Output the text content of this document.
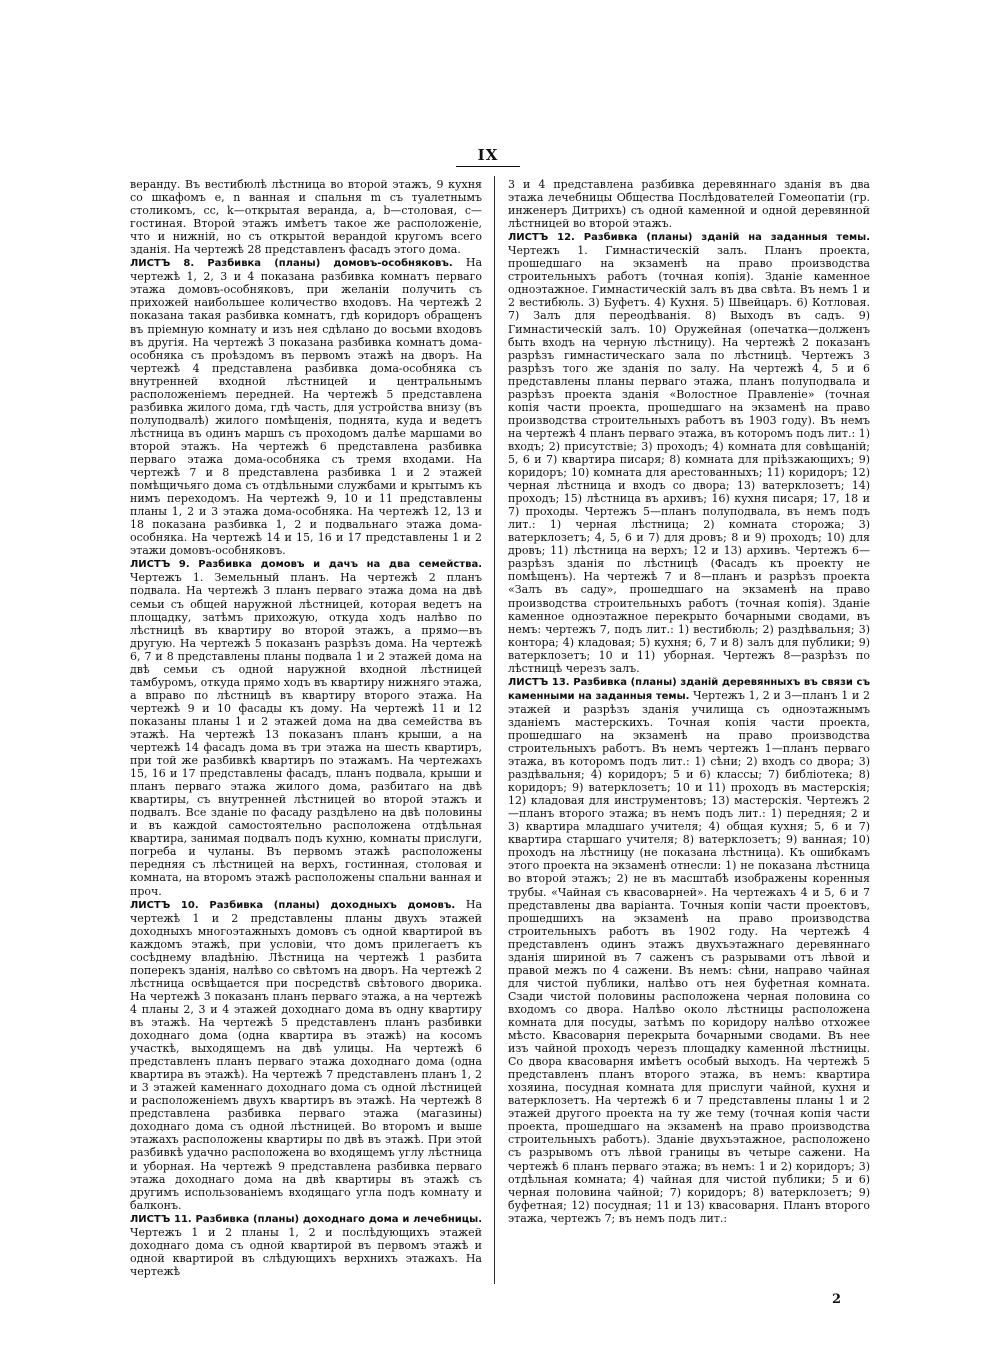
IX

веранду. Въ вестибюлѣ лѣстница во второй этажъ, 9 кухня со шкафомъ е, n ванная и спальня m съ туалетнымъ столикомъ, сс, k—открытая веранда, a, b—столовая, c—гостиная. Второй этажъ имѣетъ такое же расположеніе, что и нижній, но съ открытой верандой кругомъ всего зданія. На чертежѣ 28 представленъ фасадъ этого дома.

ЛИСТЪ 8. Разбивка (планы) домовъ-особняковъ. На чертежѣ 1, 2, 3 и 4 показана разбивка комнатъ перваго этажа домовъ-особняковъ, при желаніи получить съ прихожей наибольшее количество входовъ. На чертежѣ 2 показана такая разбивка комнатъ, гдѣ коридоръ обращенъ въ пріемную комнату и изъ нея сдѣлано до восьми входовъ въ другія. На чертежѣ 3 показана разбивка комнатъ дома-особняка съ проѣздомъ въ первомъ этажѣ на дворъ. На чертежѣ 4 представлена разбивка дома-особняка съ внутренней входной лѣстницей и центральнымъ расположеніемъ передней. На чертежѣ 5 представлена разбивка жилого дома, гдѣ часть, для устройства внизу (въ полуподвалѣ) жилого помѣщенія, поднята, куда и ведетъ лѣстница въ одинъ маршъ съ проходомъ далѣе маршами во второй этажъ. На чертежѣ 6 представлена разбивка перваго этажа дома-особняка съ тремя входами. На чертежѣ 7 и 8 представлена разбивка 1 и 2 этажей помѣщичьяго дома съ отдѣльными службами и крытымъ къ нимъ переходомъ. На чертежѣ 9, 10 и 11 представлены планы 1, 2 и 3 этажа дома-особняка. На чертежѣ 12, 13 и 18 показана разбивка 1, 2 и подвальнаго этажа дома-особняка. На чертежѣ 14 и 15, 16 и 17 представлены 1 и 2 этажи домовъ-особняковъ.

ЛИСТЪ 9. Разбивка домовъ и дачъ на два семейства. Чертежъ 1. Земельный планъ. На чертежѣ 2 планъ подвала. На чертежѣ 3 планъ перваго этажа дома на двѣ семьи съ общей наружной лѣстницей, которая ведетъ на площадку, затѣмъ прихожую, откуда ходъ налѣво по лѣстницѣ въ квартиру во второй этажъ, а прямо—въ другую. На чертежѣ 5 показанъ разрѣзъ дома. На чертежѣ 6, 7 и 8 представлены планы подвала 1 и 2 этажей дома на двѣ семьи съ одной наружной входной лѣстницей тамбуромъ, откуда прямо ходъ въ квартиру нижняго этажа, а вправо по лѣстницѣ въ квартиру второго этажа. На чертежѣ 9 и 10 фасады къ дому. На чертежѣ 11 и 12 показаны планы 1 и 2 этажей дома на два семейства въ этажѣ. На чертежѣ 13 показанъ планъ крыши, а на чертежѣ 14 фасадъ дома въ три этажа на шесть квартиръ, при той же разбивкѣ квартиръ по этажамъ. На чертежахъ 15, 16 и 17 представлены фасадъ, планъ подвала, крыши и планъ перваго этажа жилого дома, разбитаго на двѣ квартиры, съ внутренней лѣстницей во второй этажъ и подвалъ. Все зданіе по фасаду раздѣлено на двѣ половины и въ каждой самостоятельно расположена отдѣльная квартира, занимая подвалъ подъ кухню, комнаты прислуги, погреба и чуланы. Въ первомъ этажѣ расположены передняя съ лѣстницей на верхъ, гостинная, столовая и комната, на второмъ этажѣ расположены спальни ванная и проч.

ЛИСТЪ 10. Разбивка (планы) доходныхъ домовъ. На чертежѣ 1 и 2 представлены планы двухъ этажей доходныхъ многоэтажныхъ домовъ съ одной квартирой въ каждомъ этажѣ, при условіи, что домъ прилегаетъ къ сосѣднему владѣнію. Лѣстница на чертежѣ 1 разбита поперекъ зданія, налѣво со свѣтомъ на дворъ. На чертежѣ 2 лѣстница освѣщается при посредствѣ свѣтового дворика. На чертежѣ 3 показанъ планъ перваго этажа, а на чертежѣ 4 планы 2, 3 и 4 этажей доходнаго дома въ одну квартиру въ этажѣ. На чертежѣ 5 представленъ планъ разбивки доходнаго дома (одна квартира въ этажѣ) на косомъ участкѣ, выходящемъ на двѣ улицы. На чертежѣ 6 представленъ планъ перваго этажа доходнаго дома (одна квартира въ этажѣ). На чертежѣ 7 представленъ планъ 1, 2 и 3 этажей каменнаго доходнаго дома съ одной лѣстницей и расположеніемъ двухъ квартиръ въ этажѣ. На чертежѣ 8 представлена разбивка перваго этажа (магазины) доходнаго дома съ одной лѣстницей. Во второмъ и выше этажахъ расположены квартиры по двѣ въ этажѣ. При этой разбивкѣ удачно расположена во входящемъ углу лѣстница и уборная. На чертежѣ 9 представлена разбивка перваго этажа доходнаго дома на двѣ квартиры въ этажѣ съ другимъ использованіемъ входящаго угла подъ комнату и балконъ.

ЛИСТЪ 11. Разбивка (планы) доходнаго дома и лечебницы. Чертежъ 1 и 2 планы 1, 2 и послѣдующихъ этажей доходнаго дома съ одной квартирой въ первомъ этажѣ и одной квартирой въ слѣдующихъ верхнихъ этажахъ. На чертежѣ

3 и 4 представлена разбивка деревяннаго зданія въ два этажа лечебницы Общества Послѣдователей Гомеопатіи (гр. инженеръ Дитрихъ) съ одной каменной и одной деревянной лѣстницей во второй этажъ.

ЛИСТЪ 12. Разбивка (планы) зданій на заданныя темы. Чертежъ 1. Гимнастическій залъ. Планъ проекта, прошедшаго на экзаменѣ на право производства строительныхъ работъ (точная копія). Зданіе каменное одноэтажное. Гимнастическій залъ въ два свѣта. Въ немъ 1 и 2 вестибюль. 3) Буфетъ. 4) Кухня. 5) Швейцаръ. 6) Котловая. 7) Залъ для переодѣванія. 8) Выходъ въ садъ. 9) Гимнастическій залъ. 10) Оружейная (опечатка—долженъ быть входъ на черную лѣстницу). На чертежѣ 2 показанъ разрѣзъ гимнастическаго зала по лѣстницѣ. Чертежъ 3 разрѣзъ того же зданія по залу. На чертежѣ 4, 5 и 6 представлены планы перваго этажа, планъ полуподвала и разрѣзъ проекта зданія «Волостное Правленіе» (точная копія части проекта, прошедшаго на экзаменѣ на право производства строительныхъ работъ въ 1903 году). Въ немъ на чертежѣ 4 планъ перваго этажа, въ которомъ подъ лит.: 1) входъ; 2) присутствіе; 3) проходъ; 4) комната для совѣщаній; 5, 6 и 7) квартира писаря; 8) комната для пріѣзжающихъ; 9) коридоръ; 10) комната для арестованныхъ; 11) коридоръ; 12) черная лѣстница и входъ со двора; 13) ватерклозетъ; 14) проходъ; 15) лѣстница въ архивъ; 16) кухня писаря; 17, 18 и 7) проходы. Чертежъ 5—планъ полуподвала, въ немъ подъ лит.: 1) черная лѣстница; 2) комната сторожа; 3) ватерклозетъ; 4, 5, 6 и 7) для дровъ; 8 и 9) проходъ; 10) для дровъ; 11) лѣстница на верхъ; 12 и 13) архивъ. Чертежъ 6—разрѣзъ зданія по лѣстницѣ (Фасадъ къ проекту не помѣщенъ). На чертежѣ 7 и 8—планъ и разрѣзъ проекта «Залъ въ саду», прошедшаго на экзаменѣ на право производства строительныхъ работъ (точная копія). Зданіе каменное одноэтажное перекрыто бочарными сводами, въ немъ: чертежъ 7, подъ лит.: 1) вестибюль; 2) раздѣвальня; 3) контора; 4) кладовая; 5) кухня; 6, 7 и 8) залъ для публики; 9) ватерклозетъ; 10 и 11) уборная. Чертежъ 8—разрѣзъ по лѣстницѣ черезъ залъ.

ЛИСТЪ 13. Разбивка (планы) зданій деревянныхъ въ связи съ каменными на заданныя темы. Чертежъ 1, 2 и 3—планъ 1 и 2 этажей и разрѣзъ зданія училища съ одноэтажнымъ зданіемъ мастерскихъ. Точная копія части проекта, прошедшаго на экзаменѣ на право производства строительныхъ работъ. Въ немъ чертежъ 1—планъ перваго этажа, въ которомъ подъ лит.: 1) сѣни; 2) входъ со двора; 3) раздѣвальня; 4) коридоръ; 5 и 6) классы; 7) библіотека; 8) коридоръ; 9) ватерклозетъ; 10 и 11) проходъ въ мастерскія; 12) кладовая для инструментовъ; 13) мастерскія. Чертежъ 2—планъ второго этажа; въ немъ подъ лит.: 1) передняя; 2 и 3) квартира младшаго учителя; 4) общая кухня; 5, 6 и 7) квартира старшаго учителя; 8) ватерклозетъ; 9) ванная; 10) проходъ на лѣстницу (не показана лѣстница). Къ ошибкамъ этого проекта на экзаменѣ отнесли: 1) не показана лѣстница во второй этажъ; 2) не въ масштабѣ изображены коренныя трубы. «Чайная съ квасоварней». На чертежахъ 4 и 5, 6 и 7 представлены два варіанта. Точныя копіи части проектовъ, прошедшихъ на экзаменѣ на право производства строительныхъ работъ въ 1902 году. На чертежѣ 4 представленъ одинъ этажъ двухъэтажнаго деревяннаго зданія шириной въ 7 саженъ съ разрывами отъ лѣвой и правой межъ по 4 сажени. Въ немъ: сѣни, направо чайная для чистой публики, налѣво отъ нея буфетная комната. Сзади чистой половины расположена черная половина со входомъ со двора. Налѣво около лѣстницы расположена комната для посуды, затѣмъ по коридору налѣво отхожее мѣсто. Квасоварня перекрыта бочарными сводами. Въ нее изъ чайной проходъ черезъ площадку каменной лѣстницы. Со двора квасоварня имѣетъ особый выходъ. На чертежѣ 5 представленъ планъ второго этажа, въ немъ: квартира хозяина, посудная комната для прислуги чайной, кухня и ватерклозетъ. На чертежѣ 6 и 7 представлены планы 1 и 2 этажей другого проекта на ту же тему (точная копія части проекта, прошедшаго на экзаменѣ на право производства строительныхъ работъ). Зданіе двухъэтажное, расположено съ разрывомъ отъ лѣвой границы въ четыре сажени. На чертежѣ 6 планъ перваго этажа; въ немъ: 1 и 2) коридоръ; 3) отдѣльная комната; 4) чайная для чистой публики; 5 и 6) черная половина чайной; 7) коридоръ; 8) ватерклозетъ; 9) буфетная; 12) посудная; 11 и 13) квасоварня. Планъ второго этажа, чертежъ 7; въ немъ подъ лит.:

2
